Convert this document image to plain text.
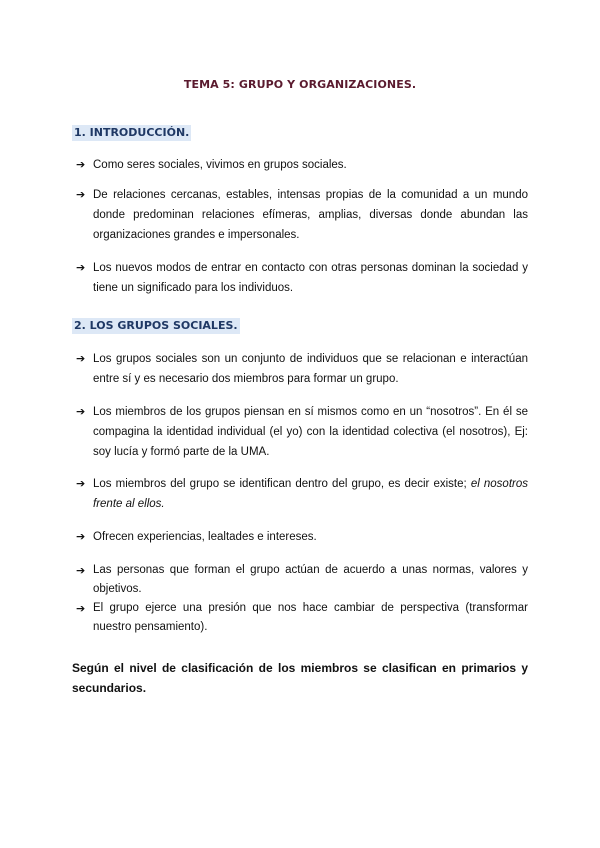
TEMA 5: GRUPO Y ORGANIZACIONES.
1. INTRODUCCIÓN.
➔ Como seres sociales, vivimos en grupos sociales.
➔ De relaciones cercanas, estables, intensas propias de la comunidad a un mundo donde predominan relaciones efímeras, amplias, diversas donde abundan las organizaciones grandes e impersonales.
➔ Los nuevos modos de entrar en contacto con otras personas dominan la sociedad y tiene un significado para los individuos.
2. LOS GRUPOS SOCIALES.
➔ Los grupos sociales son un conjunto de individuos que se relacionan e interactúan entre sí y es necesario dos miembros para formar un grupo.
➔ Los miembros de los grupos piensan en sí mismos como en un “nosotros”. En él se compagina la identidad individual (el yo) con la identidad colectiva (el nosotros), Ej: soy lucía y formó parte de la UMA.
➔ Los miembros del grupo se identifican dentro del grupo, es decir existe; el nosotros frente al ellos.
➔ Ofrecen experiencias, lealtades e intereses.
➔ Las personas que forman el grupo actúan de acuerdo a unas normas, valores y objetivos.
➔ El grupo ejerce una presión que nos hace cambiar de perspectiva (transformar nuestro pensamiento).
Según el nivel de clasificación de los miembros se clasifican en primarios y secundarios.
